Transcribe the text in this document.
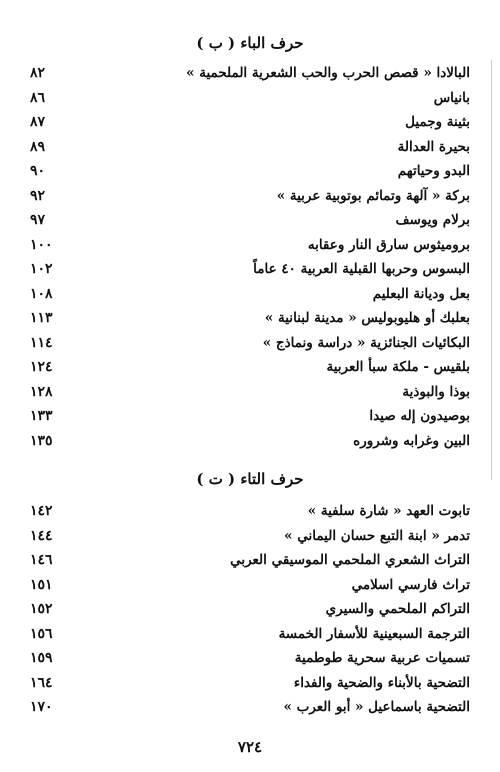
حرف الباء ( ب )
البالادا « قصص الحرب والحب الشعرية الملحمية »
٨٢
بانياس
٨٦
بثينة وجميل
٨٧
بحيرة العدالة
٨٩
البدو وحياتهم
٩٠
بركة « آلهة وتمائم بوتوبية عربية »
٩٢
برلام ويوسف
٩٧
بروميثوس سارق النار وعقابه
١٠٠
البسوس وحربها القبلية العربية ٤٠ عاماً
١٠٢
بعل وديانة البعليم
١٠٨
بعلبك أو هليوبوليس « مدينة لبنانية »
١١٣
البكائيات الجنائزية « دراسة ونماذج »
١١٤
بلقيس - ملكة سبأ العربية
١٢٤
بوذا والبوذية
١٢٨
بوصيدون إله صيدا
١٣٣
البين وغرابه وشروره
١٣٥
حرف التاء ( ت )
تابوت العهد « شارة سلفية »
١٤٢
تدمر « ابنة التبع حسان اليماني »
١٤٤
التراث الشعري الملحمي الموسيقي العربي
١٤٦
تراث فارسي اسلامي
١٥١
التراكم الملحمي والسيري
١٥٢
الترجمة السبعينية للأسفار الخمسة
١٥٦
تسميات عربية سحرية طوطمية
١٥٩
التضحية بالأبناء والضحية والفداء
١٦٤
التضحية باسماعيل « أبو العرب »
١٧٠
٧٢٤
